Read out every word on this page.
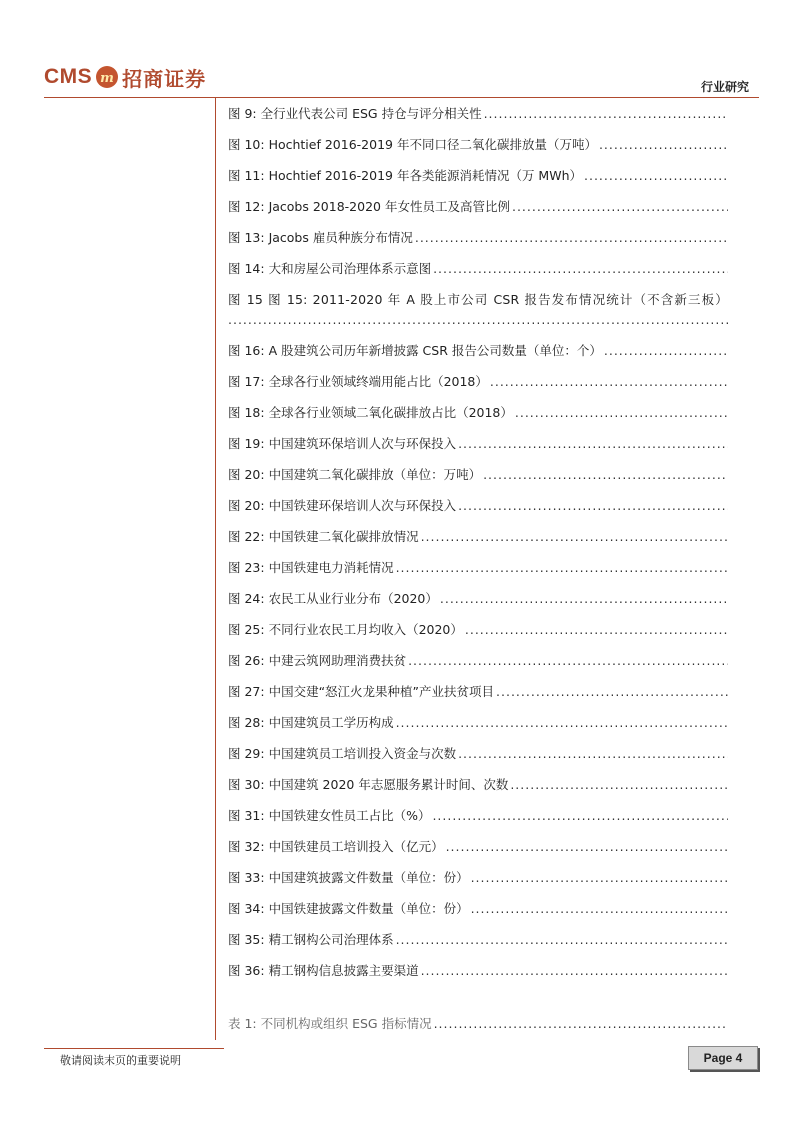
CMS m 招商证券	行业研究
图 9: 全行业代表公司 ESG 持仓与评分相关性
.....
图 10: Hochtief 2016-2019 年不同口径二氧化碳排放量（万吨）
.....
图 11: Hochtief 2016-2019 年各类能源消耗情况（万 MWh）
.....
图 12: Jacobs 2018-2020 年女性员工及高管比例
.....
图 13: Jacobs 雇员种族分布情况
.....
图 14: 大和房屋公司治理体系示意图
.....
图 15 图 15: 2011-2020 年 A 股上市公司 CSR 报告发布情况统计（不含新三板）
.....
图 16: A 股建筑公司历年新增披露 CSR 报告公司数量（单位：个）
.....
图 17: 全球各行业领域终端用能占比（2018）
.....
图 18: 全球各行业领域二氧化碳排放占比（2018）
.....
图 19: 中国建筑环保培训人次与环保投入
.....
图 20: 中国建筑二氧化碳排放（单位：万吨）
.....
图 20: 中国铁建环保培训人次与环保投入
.....
图 22: 中国铁建二氧化碳排放情况
.....
图 23: 中国铁建电力消耗情况
.....
图 24: 农民工从业行业分布（2020）
.....
图 25: 不同行业农民工月均收入（2020）
.....
图 26: 中建云筑网助理消费扶贫
.....
图 27: 中国交建“怒江火龙果种植”产业扶贫项目
.....
图 28: 中国建筑员工学历构成
.....
图 29: 中国建筑员工培训投入资金与次数
.....
图 30: 中国建筑 2020 年志愿服务累计时间、次数
.....
图 31: 中国铁建女性员工占比（%）
.....
图 32: 中国铁建员工培训投入（亿元）
.....
图 33: 中国建筑披露文件数量（单位：份）
.....
图 34: 中国铁建披露文件数量（单位：份）
.....
图 35: 精工钢构公司治理体系
.....
图 36: 精工钢构信息披露主要渠道
.....
表 1: 不同机构或组织 ESG 指标情况
.....
敬请阅读末页的重要说明	Page 4
